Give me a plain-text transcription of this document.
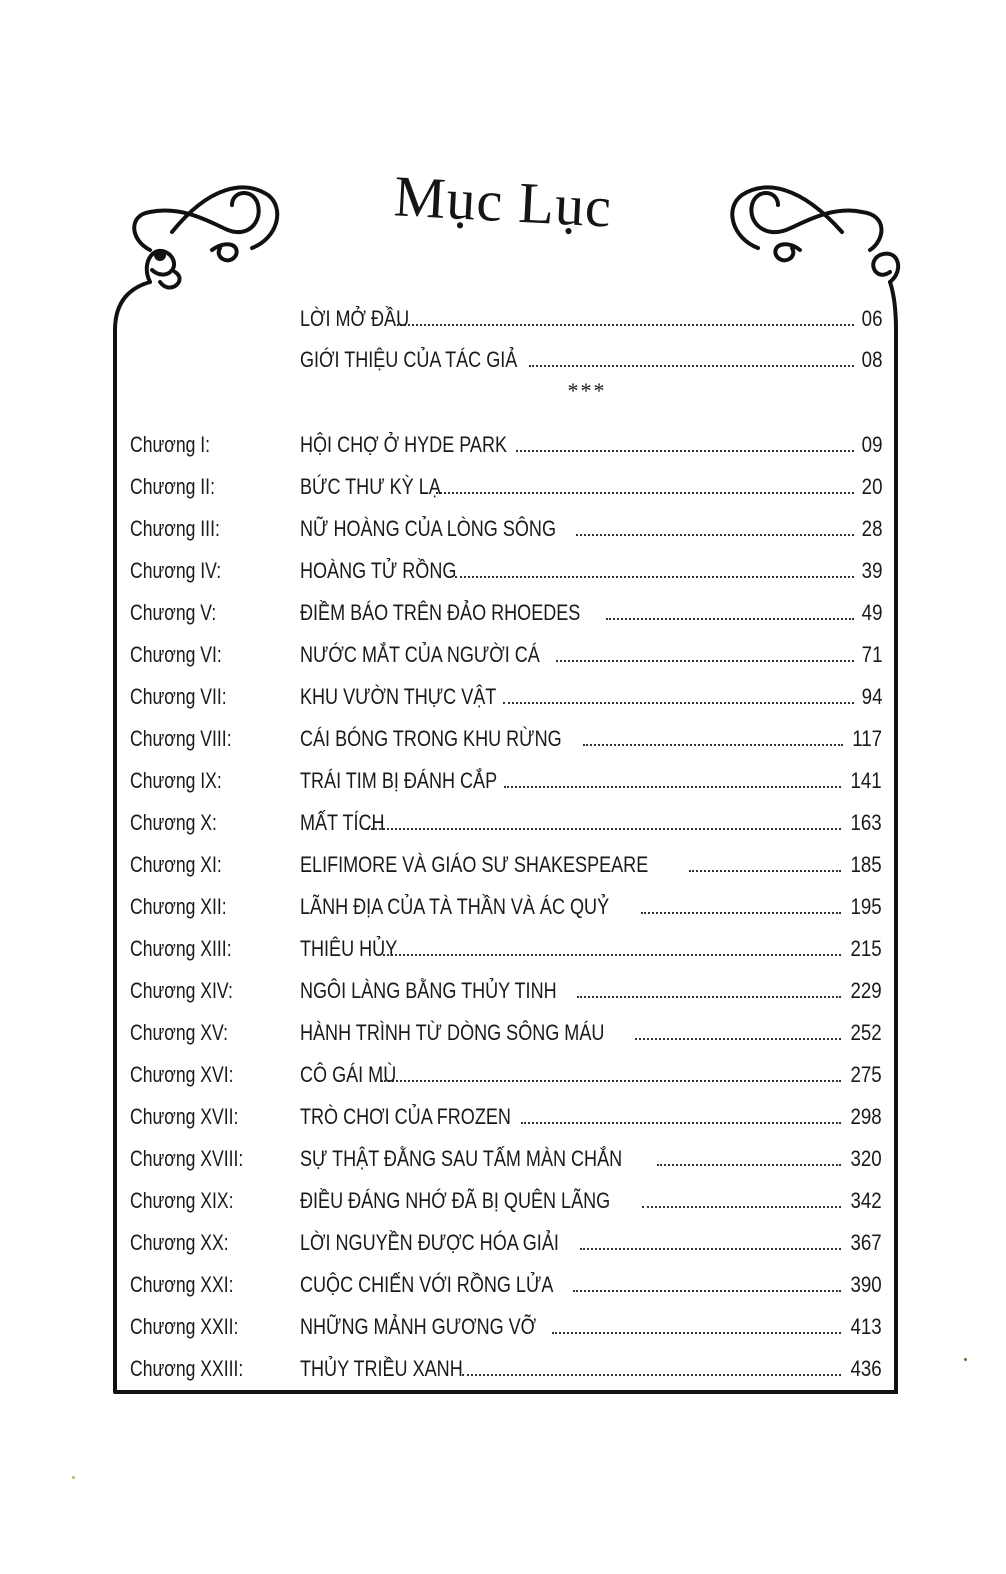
Mục Lục
LỜI MỞ ĐẦU	06
GIỚI THIỆU CỦA TÁC GIẢ	08
***
Chương I:	HỘI CHỢ Ở HYDE PARK	09
Chương II:	BỨC THƯ KỲ LẠ	20
Chương III:	NỮ HOÀNG CỦA LÒNG SÔNG	28
Chương IV:	HOÀNG TỬ RỒNG	39
Chương V:	ĐIỀM BÁO TRÊN ĐẢO RHOEDES	49
Chương VI:	NƯỚC MẮT CỦA NGƯỜI CÁ	71
Chương VII:	KHU VƯỜN THỰC VẬT	94
Chương VIII:	CÁI BÓNG TRONG KHU RỪNG	117
Chương IX:	TRÁI TIM BỊ ĐÁNH CẮP	141
Chương X:	MẤT TÍCH	163
Chương XI:	ELIFIMORE VÀ GIÁO SƯ SHAKESPEARE	185
Chương XII:	LÃNH ĐỊA CỦA TÀ THẦN VÀ ÁC QUỶ	195
Chương XIII:	THIÊU HỦY	215
Chương XIV:	NGÔI LÀNG BẰNG THỦY TINH	229
Chương XV:	HÀNH TRÌNH TỪ DÒNG SÔNG MÁU	252
Chương XVI:	CÔ GÁI MÙ	275
Chương XVII:	TRÒ CHƠI CỦA FROZEN	298
Chương XVIII:	SỰ THẬT ĐẰNG SAU TẤM MÀN CHẮN	320
Chương XIX:	ĐIỀU ĐÁNG NHỚ ĐÃ BỊ QUÊN LÃNG	342
Chương XX:	LỜI NGUYỀN ĐƯỢC HÓA GIẢI	367
Chương XXI:	CUỘC CHIẾN VỚI RỒNG LỬA	390
Chương XXII:	NHỮNG MẢNH GƯƠNG VỠ	413
Chương XXIII:	THỦY TRIỀU XANH	436
